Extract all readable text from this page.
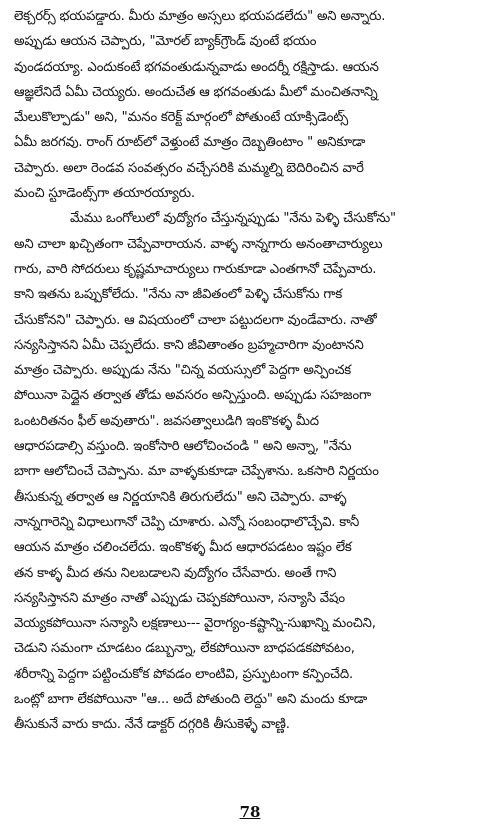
లెక్చరర్స్ భయపడ్డారు. మీరు మాత్రం అస్సలు భయపడలేదు" అని అన్నారు.
అప్పుడు ఆయన చెప్పారు, "మోరల్ బ్యాక్‌గ్రౌండ్ వుంటే భయం
వుండదయ్యా. ఎందుకంటే భగవంతుడున్నవాడు అందర్నీ రక్షిస్తాడు. ఆయన
ఆజ్ఞలేనిదే ఏమీ చెయ్యరు. అందుచేత ఆ భగవంతుడు మీలో మంచితనాన్ని
మేలుకొల్పాడు" అని, "మనం కరెక్ట్ మార్గంలో పోతుంటే యాక్సిడెంట్స్
ఏమీ జరగవు. రాంగ్ రూట్‌లో వెళ్తుంటే మాత్రం దెబ్బతింటాం " అనికూడా
చెప్పారు. అలా రెండవ సంవత్సరం వచ్చేసరికి మమ్మల్ని బెదిరించిన వారే
మంచి స్టూడెంట్స్‌గా తయారయ్యారు.
మేము ఒంగోలులో వుద్యోగం చేస్తున్నప్పుడు "నేను పెళ్ళి చేసుకోను"
అని చాలా ఖచ్చితంగా చెప్పేవారాయన. వాళ్ళ నాన్నగారు అనంతాచార్యులు
గారు, వారి సోదరులు కృష్ణమాచార్యులు గారుకూడా ఎంతగానో చెప్పేవారు.
కాని ఇతను ఒప్పుకోలేదు. "నేను నా జీవితంలో పెళ్ళి చేసుకోను గాక
చేసుకోనని" చెప్పారు. ఆ విషయంలో చాలా పట్టుదలగా వుండేవారు. నాతో
సన్యసిస్తానని ఏమీ చెప్పలేదు. కాని జీవితాంతం బ్రహ్మచారిగా వుంటానని
మాత్రం చెప్పారు. అప్పుడు నేను "చిన్న వయస్సులో పెద్దగా అన్పించక
పోయినా పెద్దైన తర్వాత తోడు అవసరం అన్పిస్తుంది. అప్పుడు సహజంగా
ఒంటరితనం ఫీల్ అవుతారు". జవసత్వాలుడిగి ఇంకొకళ్ళ మీద
ఆధారపడాల్సి వస్తుంది. ఇంకోసారి ఆలోచించండి " అని అన్నా, "నేను
బాగా ఆలోచించే చెప్పాను. మా వాళ్ళకుకూడా చెప్పేశాను. ఒకసారి నిర్ణయం
తీసుకున్న తర్వాత ఆ నిర్ణయానికి తిరుగులేదు" అని చెప్పారు. వాళ్ళ
నాన్నగారెన్ని విధాలుగానో చెప్పి చూశారు. ఎన్నో సంబంధాలొచ్చేవి. కానీ
ఆయన మాత్రం చలించలేదు. ఇంకొకళ్ళ మీద ఆధారపడటం ఇష్టం లేక
తన కాళ్ళ మీద తను నిలబడాలని వుద్యోగం చేసేవారు. అంతే గాని
సన్యసిస్తానని మాత్రం నాతో ఎప్పుడు చెప్పకపోయినా, సన్యాసి వేషం
వెయ్యకపోయినా సన్యాసి లక్షణాలు--- వైరాగ్యం-కష్టాన్ని-సుఖాన్ని మంచిని,
చెడుని సమంగా చూడటం డబ్బున్నా, లేకపోయినా బాధపడకపోవటం,
శరీరాన్ని పెద్దగా పట్టించుకోక పోవడం లాంటివి, ప్రస్ఫుటంగా కన్పించేది.
ఒంట్లో బాగా లేకపోయినా "ఆ... అదే పోతుంది లెద్దు" అని మందు కూడా
తీసుకునే వారు కాదు. నేనే డాక్టర్ దగ్గరికి తీసుకెళ్ళే వాణ్ణి.
78
